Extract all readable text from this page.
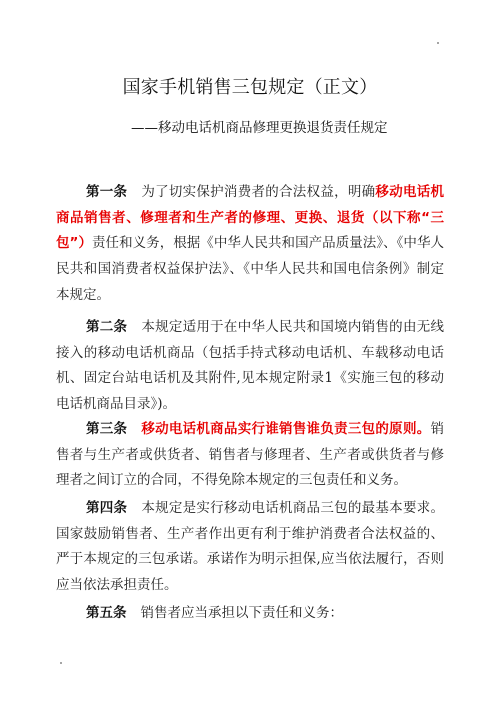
国家手机销售三包规定（正文）
——移动电话机商品修理更换退货责任规定

第一条 为了切实保护消费者的合法权益，明确移动电话机商品销售者、修理者和生产者的修理、更换、退货（以下称“三包”）责任和义务，根据《中华人民共和国产品质量法》、《中华人民共和国消费者权益保护法》、《中华人民共和国电信条例》制定本规定。

第二条 本规定适用于在中华人民共和国境内销售的由无线接入的移动电话机商品（包括手持式移动电话机、车载移动电话机、固定台站电话机及其附件,见本规定附录1《实施三包的移动电话机商品目录》)。

第三条 移动电话机商品实行谁销售谁负责三包的原则。销售者与生产者或供货者、销售者与修理者、生产者或供货者与修理者之间订立的合同，不得免除本规定的三包责任和义务。

第四条 本规定是实行移动电话机商品三包的最基本要求。国家鼓励销售者、生产者作出更有利于维护消费者合法权益的、严于本规定的三包承诺。承诺作为明示担保,应当依法履行，否则应当依法承担责任。

第五条 销售者应当承担以下责任和义务：
